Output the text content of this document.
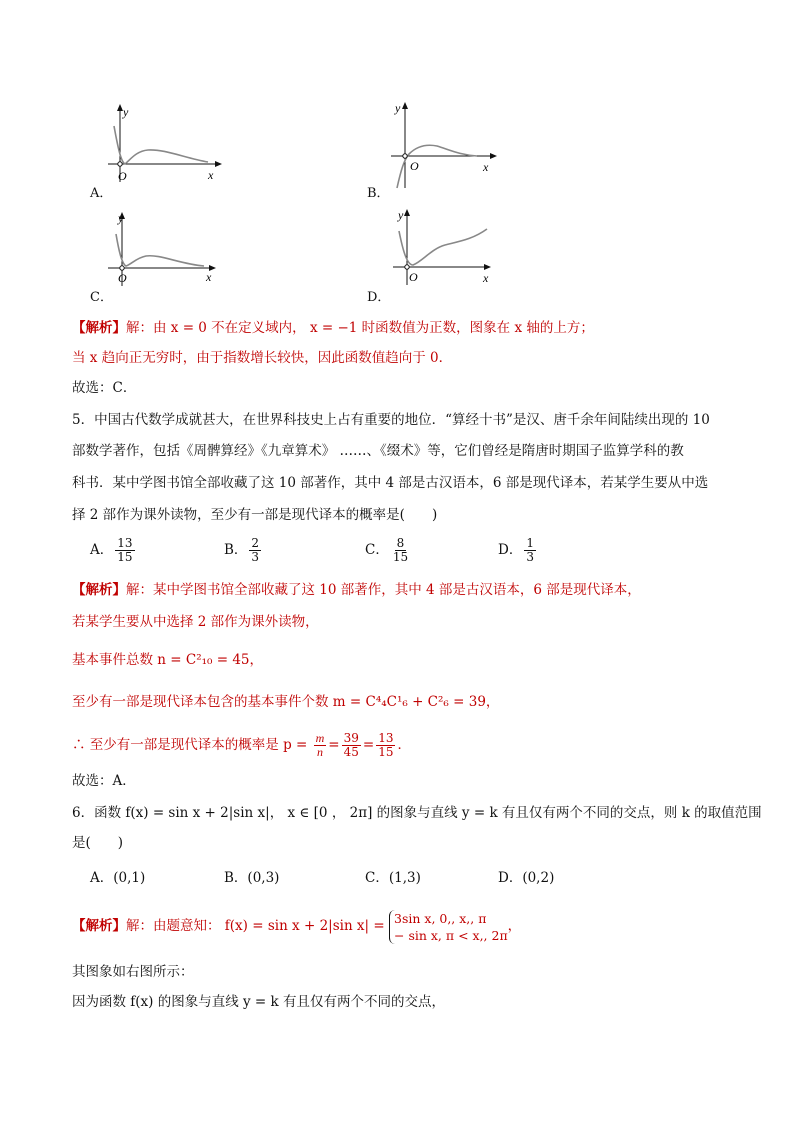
y
O	x
A．
y
O	x
B．
y
O	x
C．
y
O	x
D．
【解析】解：由 x = 0 不在定义域内， x = −1 时函数值为正数，图象在 x 轴的上方；
当 x 趋向正无穷时，由于指数增长较快，因此函数值趋向于 0．
故选：C．
5．中国古代数学成就甚大，在世界科技史上占有重要的地位．“算经十书”是汉、唐千余年间陆续出现的 10
部数学著作，包括《周髀算经》《九章算术》 ……、《缀术》等，它们曾经是隋唐时期国子监算学科的教
科书．某中学图书馆全部收藏了这 10 部著作，其中 4 部是古汉语本，6 部是现代译本，若某学生要从中选
择 2 部作为课外读物，至少有一部是现代译本的概率是(　　)
A． $\frac{13}{15}$	B． $\frac{2}{3}$	C． $\frac{8}{15}$	D． $\frac{1}{3}$
【解析】解：某中学图书馆全部收藏了这 10 部著作，其中 4 部是古汉语本，6 部是现代译本，
若某学生要从中选择 2 部作为课外读物，
基本事件总数 n = C²₁₀ = 45，
至少有一部是现代译本包含的基本事件个数 m = C⁴₄C¹₆ + C²₆ = 39，
∴ 至少有一部是现代译本的概率是 $p = \frac{m}{n} = \frac{39}{45} = \frac{13}{15}$ ．
故选：A．
6．函数 f(x) = sin x + 2|sin x|， x ∈ [0 ， 2π] 的图象与直线 y = k 有且仅有两个不同的交点，则 k 的取值范围
是(　　)
A．(0,1)	B．(0,3)	C．(1,3)	D．(0,2)
【解析】解：由题意知： f(x) = sin x + 2|sin x| = 3sin x, 0,, x,, π
− sin x, π < x,, 2π，
其图象如右图所示：
因为函数 f(x) 的图象与直线 y = k 有且仅有两个不同的交点，
